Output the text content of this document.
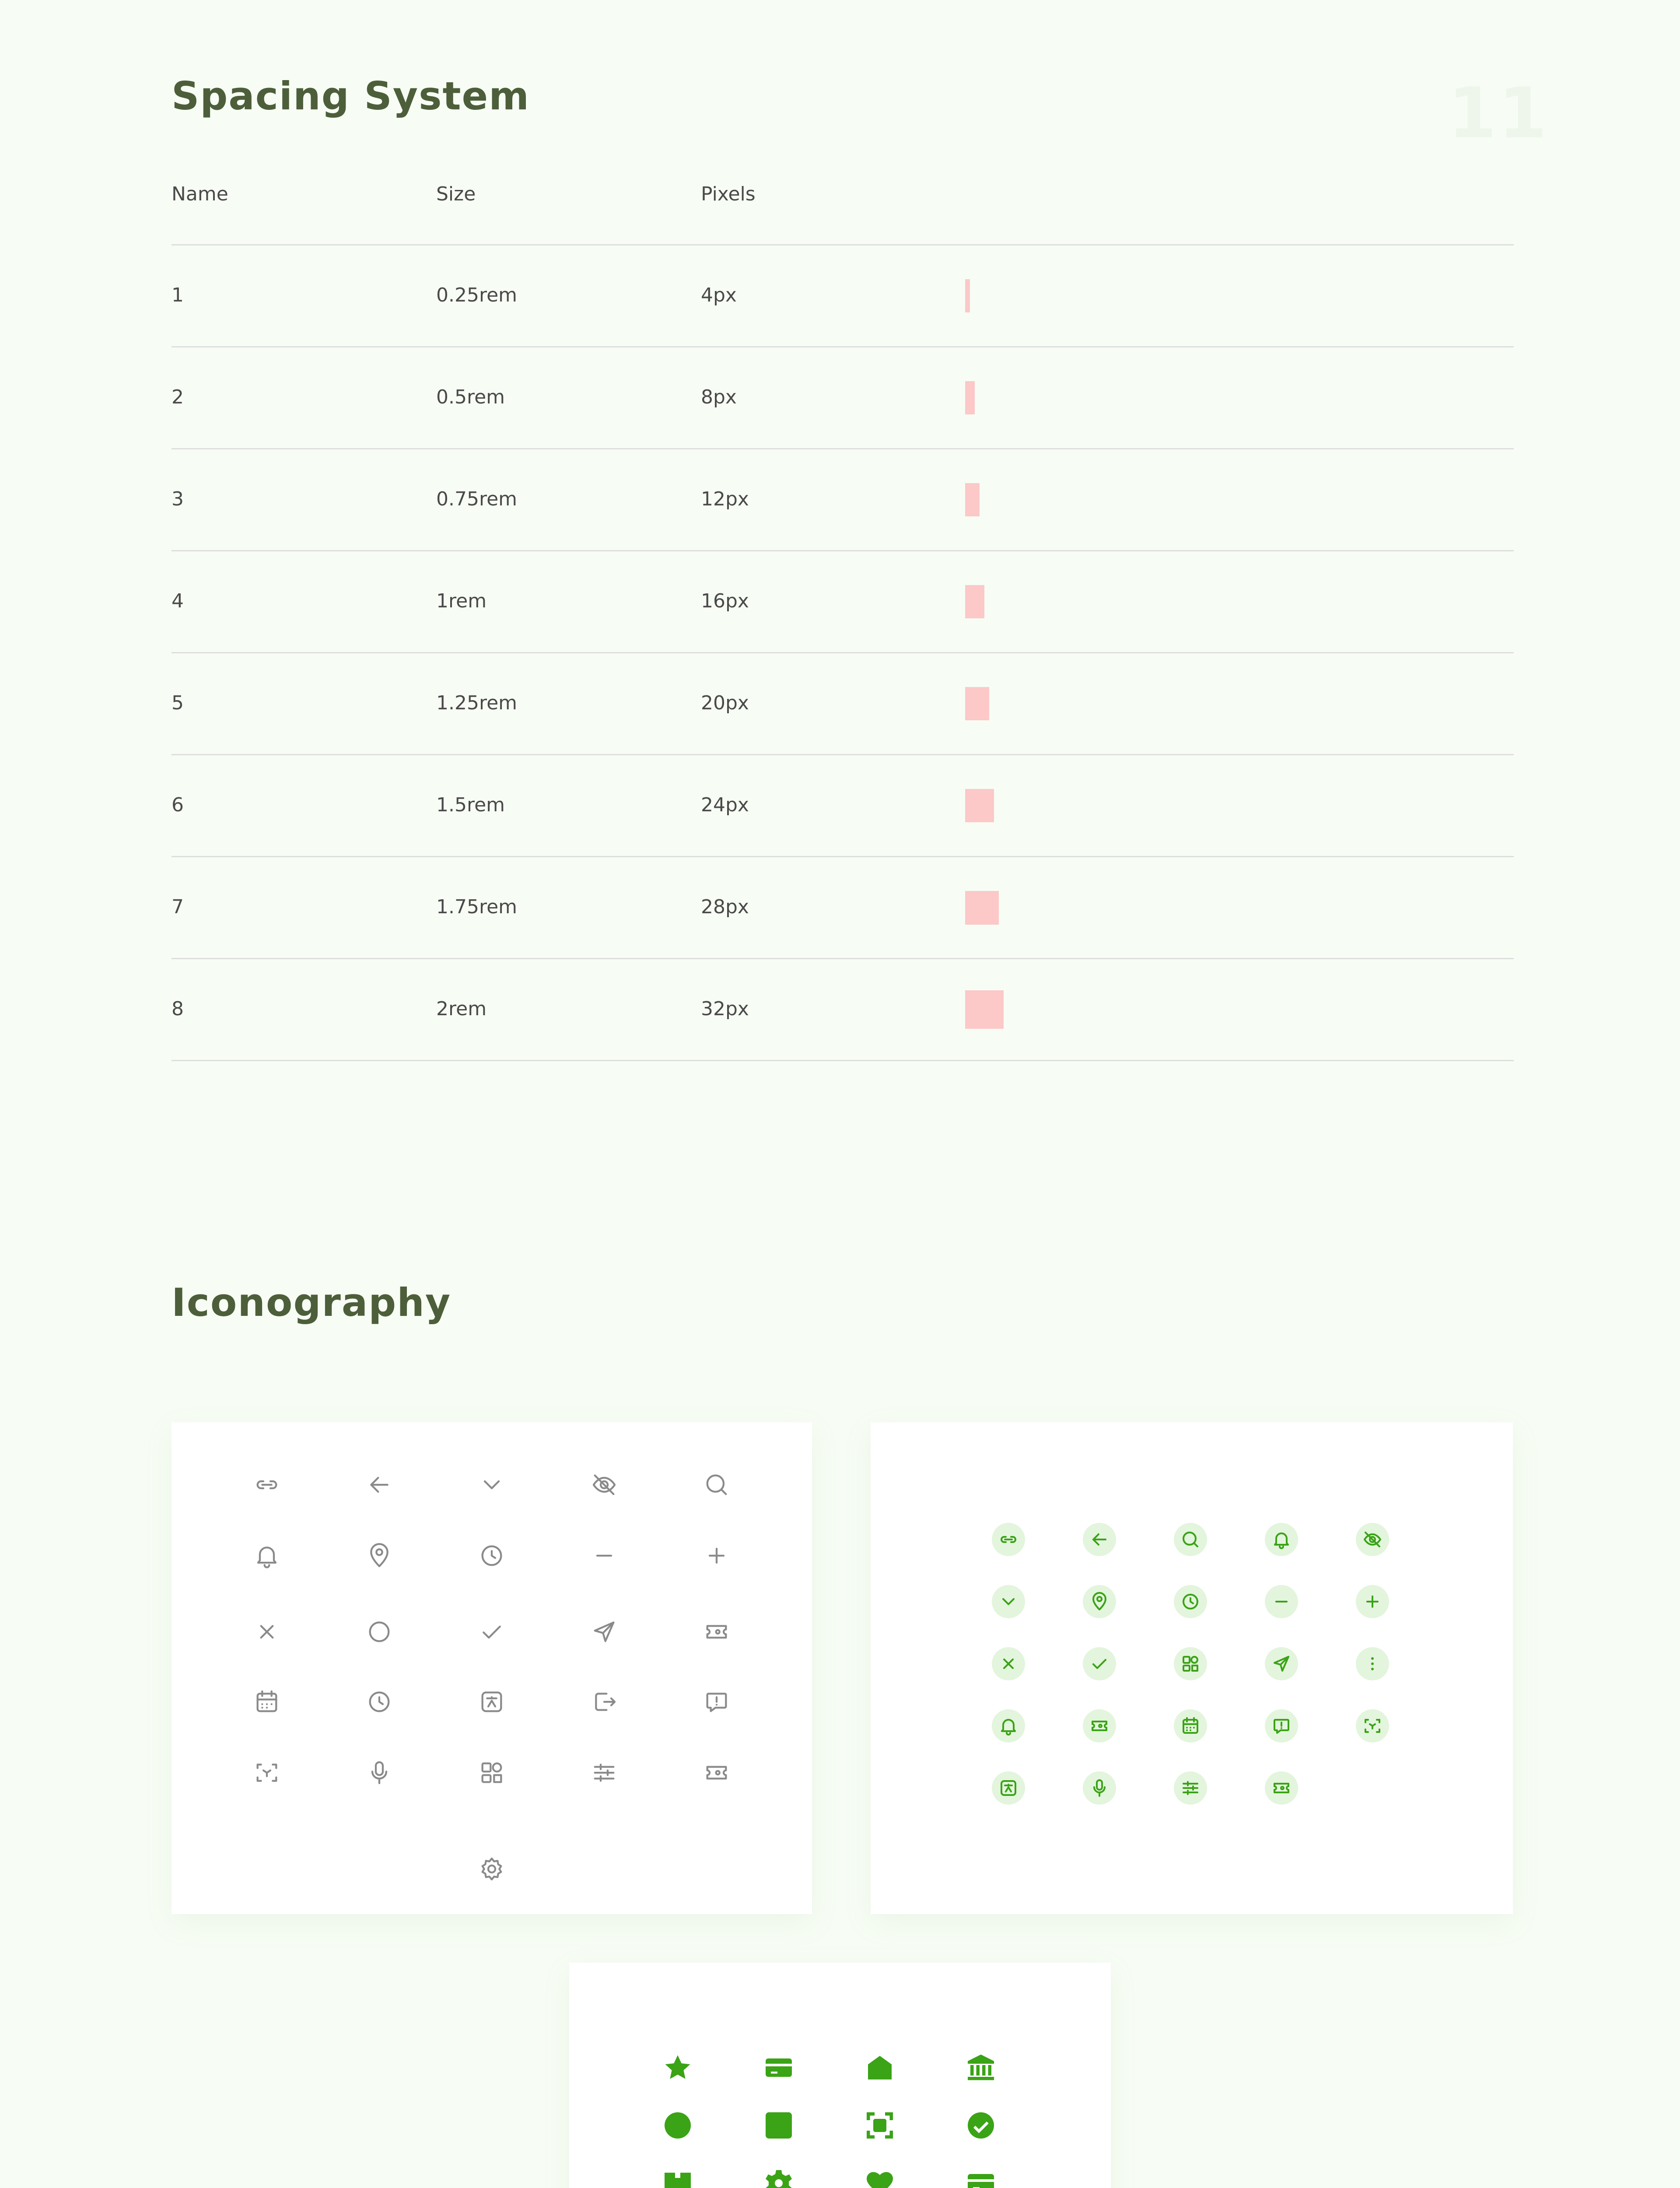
11
Spacing System
Name	Size	Pixels
1	0.25rem	4px
2	0.5rem	8px
3	0.75rem	12px
4	1rem	16px
5	1.25rem	20px
6	1.5rem	24px
7	1.75rem	28px
8	2rem	32px
Iconography
